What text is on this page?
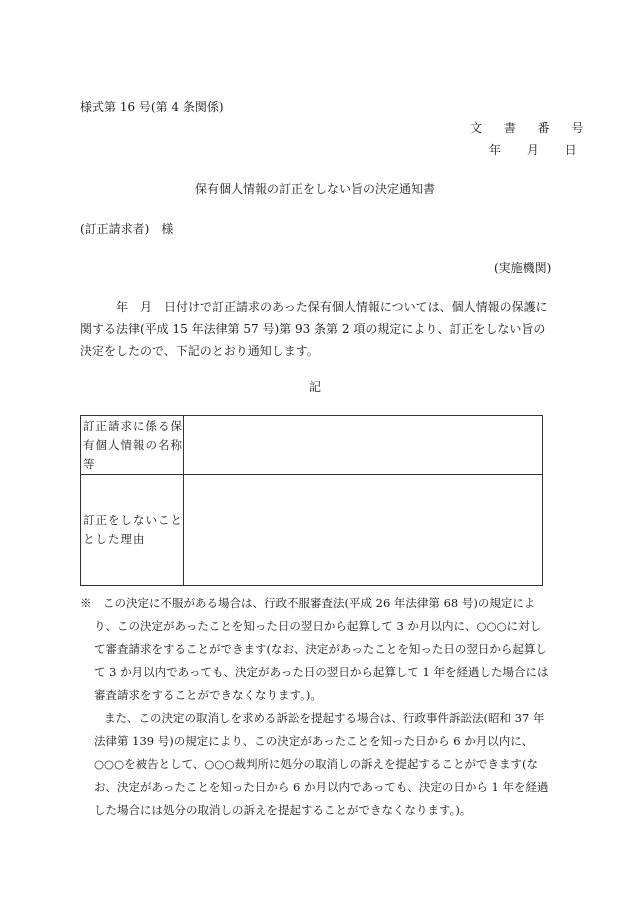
様式第 16 号(第 4 条関係)
文 書 番 号
年 月 日
保有個人情報の訂正をしない旨の決定通知書
(訂正請求者)　様
(実施機関)
年　月　日付けで訂正請求のあった保有個人情報については、個人情報の保護に関する法律(平成 15 年法律第 57 号)第 93 条第 2 項の規定により、訂正をしない旨の決定をしたので、下記のとおり通知します。
記
訂正請求に係る保有個人情報の名称等	
訂正をしないこととした理由	
※　この決定に不服がある場合は、行政不服審査法(平成 26 年法律第 68 号)の規定により、この決定があったことを知った日の翌日から起算して 3 か月以内に、○○○に対して審査請求をすることができます(なお、決定があったことを知った日の翌日から起算して 3 か月以内であっても、決定があった日の翌日から起算して 1 年を経過した場合には審査請求をすることができなくなります。)。
また、この決定の取消しを求める訴訟を提起する場合は、行政事件訴訟法(昭和 37 年法律第 139 号)の規定により、この決定があったことを知った日から 6 か月以内に、○○○を被告として、○○○裁判所に処分の取消しの訴えを提起することができます(なお、決定があったことを知った日から 6 か月以内であっても、決定の日から 1 年を経過した場合には処分の取消しの訴えを提起することができなくなります。)。
